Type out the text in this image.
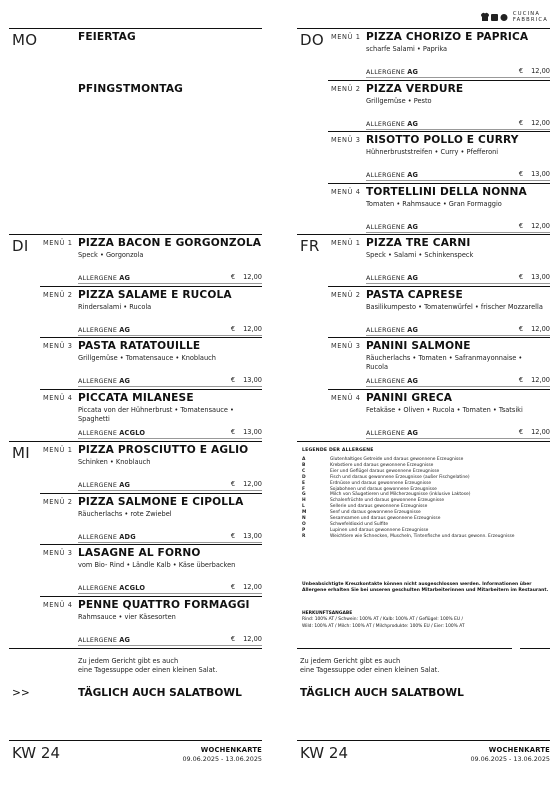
CUCINA
FABBRICA
MO	FEIERTAG
PFINGSTMONTAG
DI MENÜ 1 PIZZA BACON E GORGONZOLA
Speck • Gorgonzola
ALLERGENE AG	€ 12,00
MENÜ 2 PIZZA SALAME E RUCOLA
Rindersalami • Rucola
ALLERGENE AG	€ 12,00
MENÜ 3 PASTA RATATOUILLE
Grillgemüse • Tomatensauce • Knoblauch
ALLERGENE AG	€ 13,00
MENÜ 4 PICCATA MILANESE
Piccata von der Hühnerbrust • Tomatensauce • Spaghetti
ALLERGENE ACGLO	€ 13,00
MI MENÜ 1 PIZZA PROSCIUTTO E AGLIO
Schinken • Knoblauch
ALLERGENE AG	€ 12,00
MENÜ 2 PIZZA SALMONE E CIPOLLA
Räucherlachs • rote Zwiebel
ALLERGENE ADG	€ 13,00
MENÜ 3 LASAGNE AL FORNO
vom Bio- Rind • Ländle Kalb • Käse überbacken
ALLERGENE ACGLO	€ 12,00
MENÜ 4 PENNE QUATTRO FORMAGGI
Rahmsauce • vier Käsesorten
ALLERGENE AG	€ 12,00
Zu jedem Gericht gibt es auch
eine Tagessuppe oder einen kleinen Salat.
>>	TÄGLICH AUCH SALATBOWL
KW 24	WOCHENKARTE
09.06.2025 - 13.06.2025
DO MENÜ 1 PIZZA CHORIZO E PAPRICA
scharfe Salami • Paprika
ALLERGENE AG	€ 12,00
MENÜ 2 PIZZA VERDURE
Grillgemüse • Pesto
ALLERGENE AG	€ 12,00
MENÜ 3 RISOTTO POLLO E CURRY
Hühnerbruststreifen • Curry • Pfefferoni
ALLERGENE AG	€ 13,00
MENÜ 4 TORTELLINI DELLA NONNA
Tomaten • Rahmsauce • Gran Formaggio
ALLERGENE AG	€ 12,00
FR MENÜ 1 PIZZA TRE CARNI
Speck • Salami • Schinkenspeck
ALLERGENE AG	€ 13,00
MENÜ 2 PASTA CAPRESE
Basilikumpesto • Tomatenwürfel • frischer Mozzarella
ALLERGENE AG	€ 12,00
MENÜ 3 PANINI SALMONE
Räucherlachs • Tomaten • Safranmayonnaise • Rucola
ALLERGENE AG	€ 12,00
MENÜ 4 PANINI GRECA
Fetakäse • Oliven • Rucola • Tomaten • Tsatsiki
ALLERGENE AG	€ 12,00
LEGENDE DER ALLERGENE
A	Glutenhaltiges Getreide und daraus gewonnene Erzeugnisse
B	Krebstiere und daraus gewonnene Erzeugnisse
C	Eier und Geflügel daraus gewonnene Erzeugnisse
D	Fisch und daraus gewonnene Erzeugnisse (außer Fischgelatine)
E	Erdnüsse und daraus gewonnene Erzeugnisse
F	Sojabohnen und daraus gewonnene Erzeugnisse
G	Milch von Säugetieren und Milcherzeugnisse (inklusive Laktose)
H	Schalenfrüchte und daraus gewonnene Erzeugnisse
L	Sellerie und daraus gewonnene Erzeugnisse
M	Senf und daraus gewonnene Erzeugnisse
N	Sesamsamen und daraus gewonnene Erzeugnisse
O	Schwefeldioxid und Sulfite
P	Lupinen und daraus gewonnene Erzeugnisse
R	Weichtiere wie Schnecken, Muscheln, Tintenfische und daraus gewonn. Erzeugnisse
Unbeabsichtigte Kreuzkontakte können nicht ausgeschlossen werden. Informationen über Allergene erhalten Sie bei unseren geschulten Mitarbeiterinnen und Mitarbeitern im Restaurant.
HERKUNFTSANGABE
Rind: 100% AT / Schwein: 100% AT / Kalb: 100% AT / Geflügel: 100% EU /
Wild: 100% AT / Milch: 100% AT / Milchprodukte: 100% EU / Eier: 100% AT
Zu jedem Gericht gibt es auch
eine Tagessuppe oder einen kleinen Salat.
TÄGLICH AUCH SALATBOWL
KW 24	WOCHENKARTE
09.06.2025 - 13.06.2025
